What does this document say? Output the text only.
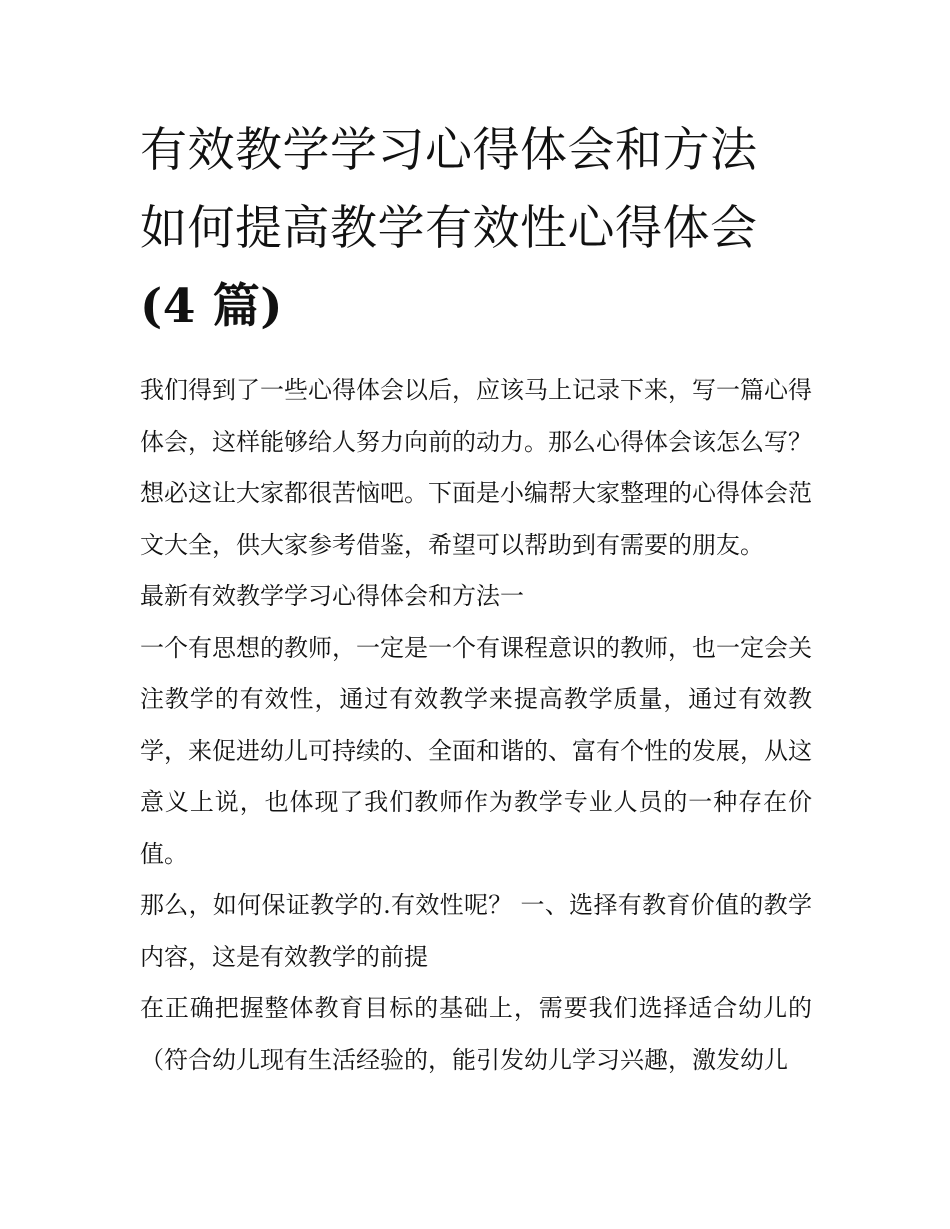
有效教学学习心得体会和方法
如何提高教学有效性心得体会
(4 篇)

我们得到了一些心得体会以后，应该马上记录下来，写一篇心得体会，这样能够给人努力向前的动力。那么心得体会该怎么写？想必这让大家都很苦恼吧。下面是小编帮大家整理的心得体会范文大全，供大家参考借鉴，希望可以帮助到有需要的朋友。

最新有效教学学习心得体会和方法一

一个有思想的教师，一定是一个有课程意识的教师，也一定会关注教学的有效性，通过有效教学来提高教学质量，通过有效教学，来促进幼儿可持续的、全面和谐的、富有个性的发展，从这意义上说，也体现了我们教师作为教学专业人员的一种存在价值。

那么，如何保证教学的.有效性呢？ 一、选择有教育价值的教学内容，这是有效教学的前提

在正确把握整体教育目标的基础上，需要我们选择适合幼儿的（符合幼儿现有生活经验的，能引发幼儿学习兴趣，激发幼儿
